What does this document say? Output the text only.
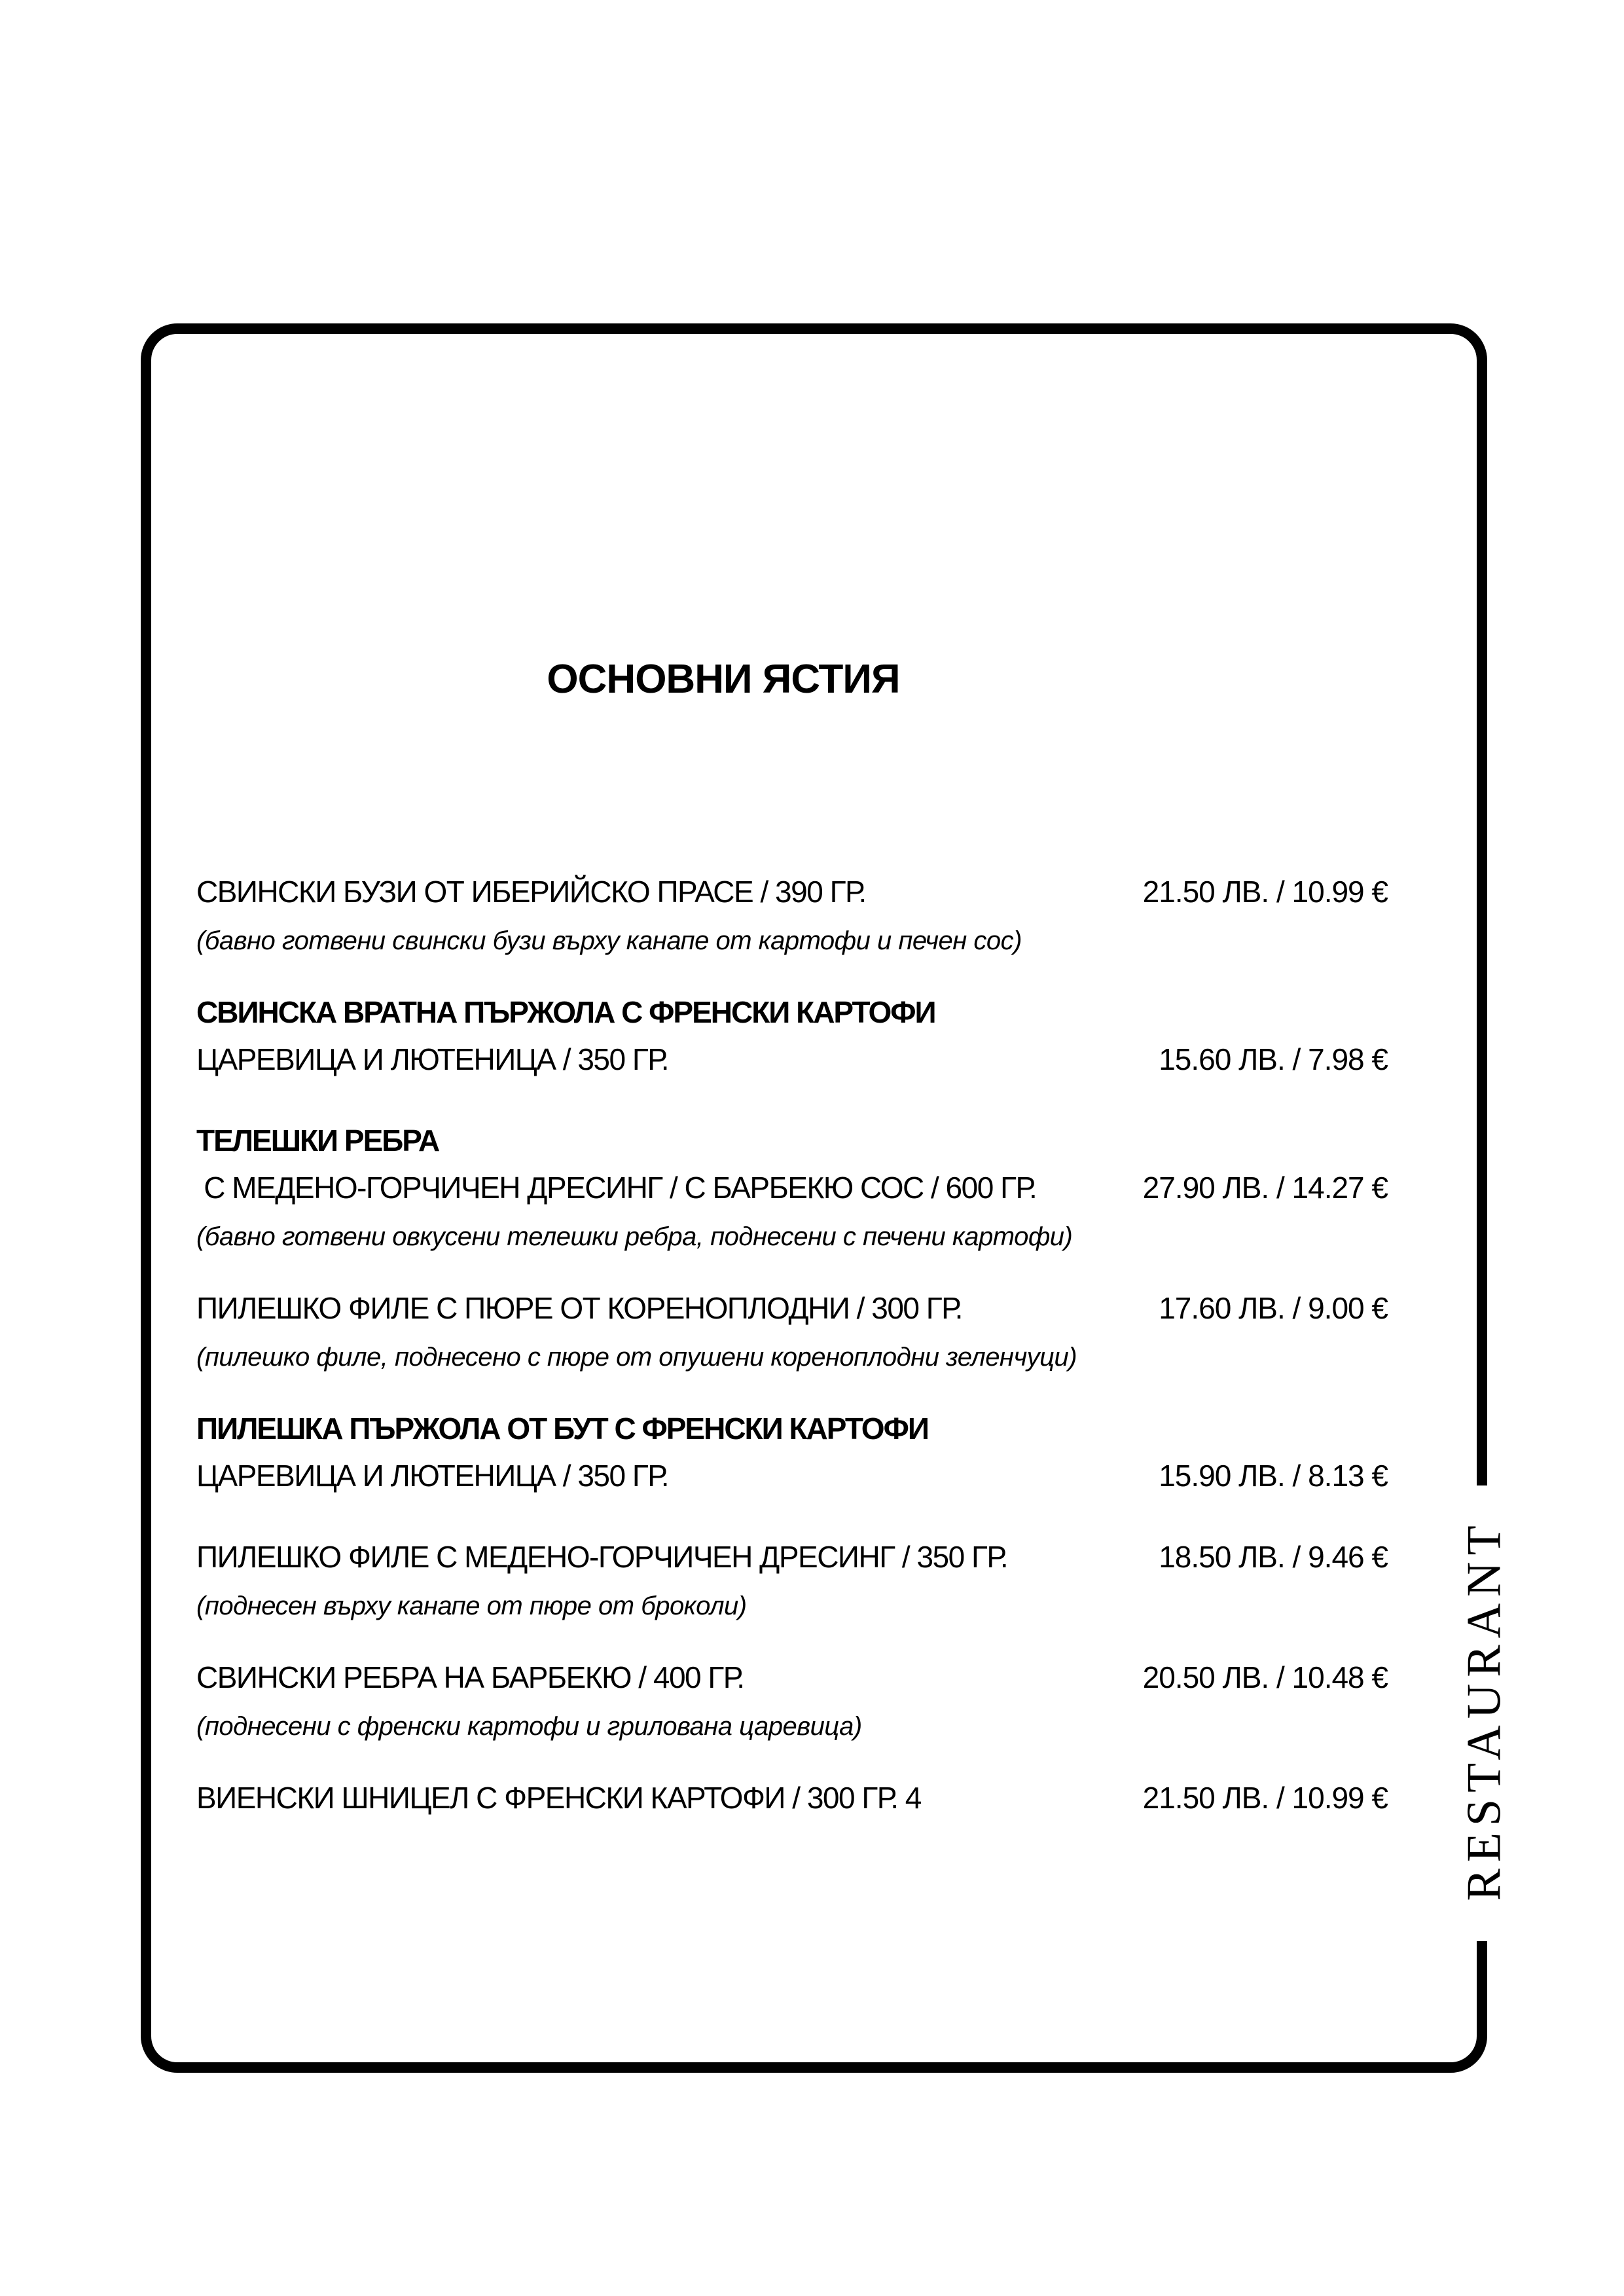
RESTAURANT
ОСНОВНИ ЯСТИЯ
СВИНСКИ БУЗИ ОТ ИБЕРИЙСКО ПРАСЕ / 390 ГР.	21.50 ЛВ. / 10.99 €
(бавно готвени свински бузи върху канапе от картофи и печен сос)
СВИНСКА ВРАТНА ПЪРЖОЛА С ФРЕНСКИ КАРТОФИ
ЦАРЕВИЦА И ЛЮТЕНИЦА / 350 ГР.	15.60 ЛВ. / 7.98 €
ТЕЛЕШКИ РЕБРА
С МЕДЕНО-ГОРЧИЧЕН ДРЕСИНГ / С БАРБЕКЮ СОС / 600 ГР.	27.90 ЛВ. / 14.27 €
(бавно готвени овкусени телешки ребра, поднесени с печени картофи)
ПИЛЕШКО ФИЛЕ С ПЮРЕ ОТ КОРЕНОПЛОДНИ / 300 ГР.	17.60 ЛВ. / 9.00 €
(пилешко филе, поднесено с пюре от опушени кореноплодни зеленчуци)
ПИЛЕШКА ПЪРЖОЛА ОТ БУТ С ФРЕНСКИ КАРТОФИ
ЦАРЕВИЦА И ЛЮТЕНИЦА / 350 ГР.	15.90 ЛВ. / 8.13 €
ПИЛЕШКО ФИЛЕ С МЕДЕНО-ГОРЧИЧЕН ДРЕСИНГ / 350 ГР.	18.50 ЛВ. / 9.46 €
(поднесен върху канапе от пюре от броколи)
СВИНСКИ РЕБРА НА БАРБЕКЮ / 400 ГР.	20.50 ЛВ. / 10.48 €
(поднесени с френски картофи и грилована царевица)
ВИЕНСКИ ШНИЦЕЛ С ФРЕНСКИ КАРТОФИ / 300 ГР. 4	21.50 ЛВ. / 10.99 €
